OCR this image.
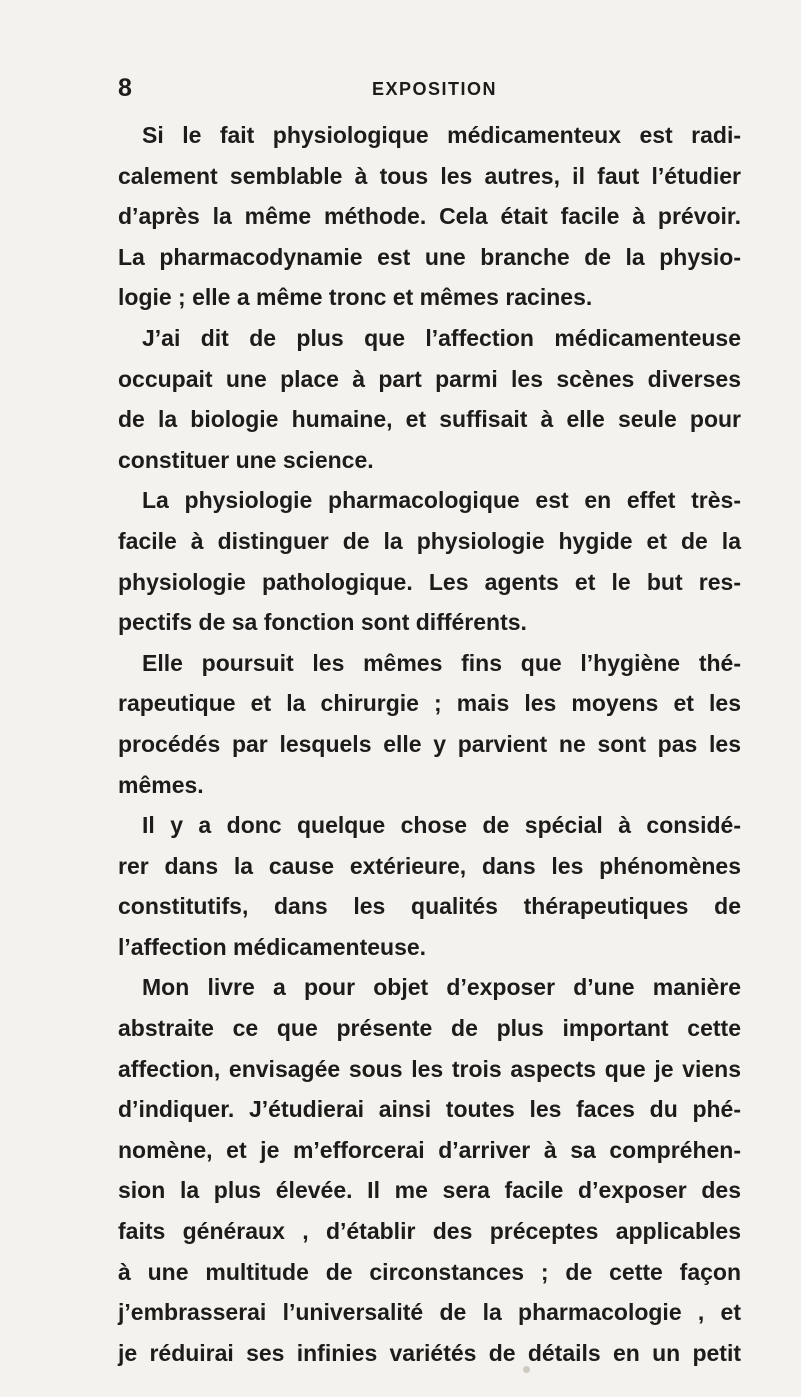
8	EXPOSITION

Si le fait physiologique médicamenteux est radi-
calement semblable à tous les autres, il faut l’étudier
d’après la même méthode. Cela était facile à prévoir.
La pharmacodynamie est une branche de la physio-
logie ; elle a même tronc et mêmes racines.
J’ai dit de plus que l’affection médicamenteuse
occupait une place à part parmi les scènes diverses
de la biologie humaine, et suffisait à elle seule pour
constituer une science.
La physiologie pharmacologique est en effet très-
facile à distinguer de la physiologie hygide et de la
physiologie pathologique. Les agents et le but res-
pectifs de sa fonction sont différents.
Elle poursuit les mêmes fins que l’hygiène thé-
rapeutique et la chirurgie ; mais les moyens et les
procédés par lesquels elle y parvient ne sont pas les
mêmes.
Il y a donc quelque chose de spécial à considé-
rer dans la cause extérieure, dans les phénomènes
constitutifs, dans les qualités thérapeutiques de
l’affection médicamenteuse.
Mon livre a pour objet d’exposer d’une manière
abstraite ce que présente de plus important cette
affection, envisagée sous les trois aspects que je viens
d’indiquer. J’étudierai ainsi toutes les faces du phé-
nomène, et je m’efforcerai d’arriver à sa compréhen-
sion la plus élevée. Il me sera facile d’exposer des
faits généraux , d’établir des préceptes applicables
à une multitude de circonstances ; de cette façon
j’embrasserai l’universalité de la pharmacologie , et
je réduirai ses infinies variétés de détails en un petit
